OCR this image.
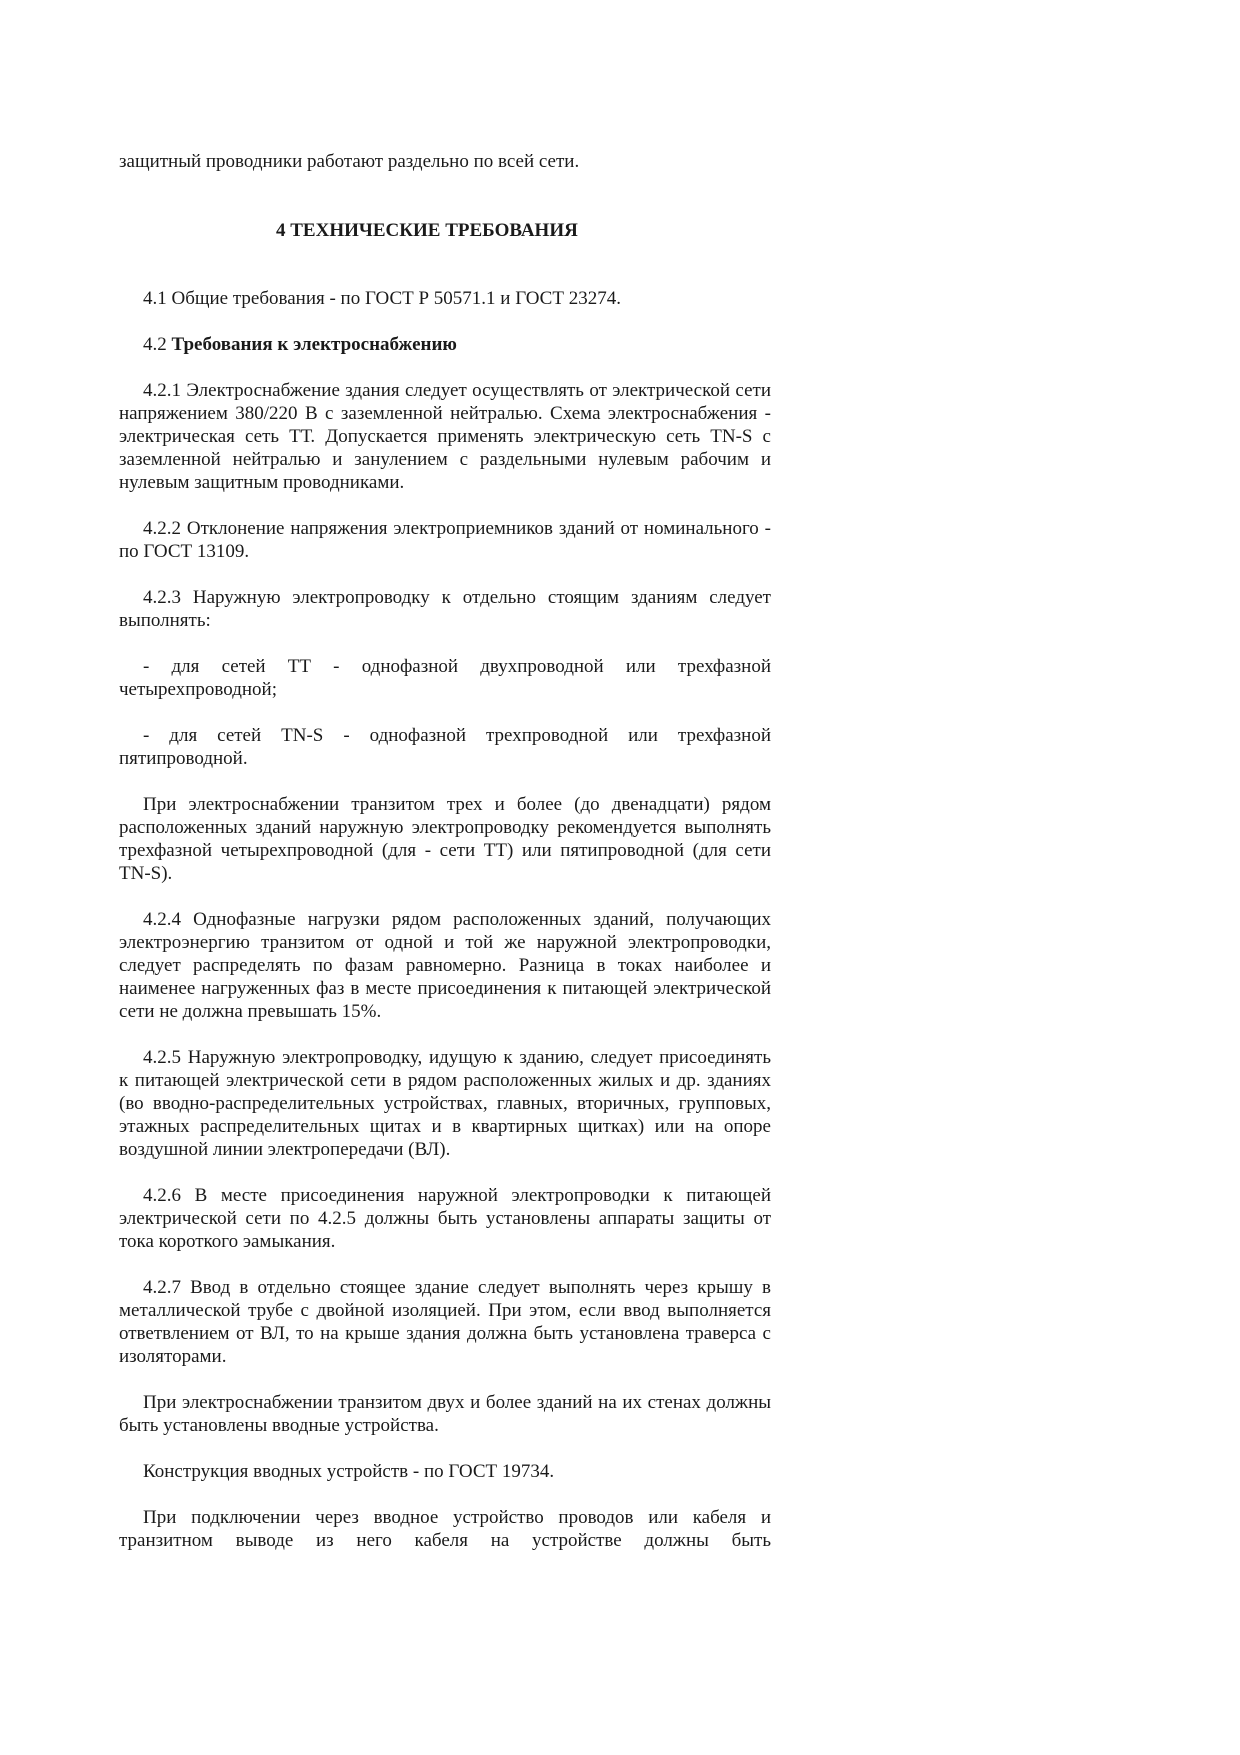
защитный проводники работают раздельно по всей сети.

4 ТЕХНИЧЕСКИЕ ТРЕБОВАНИЯ

4.1 Общие требования - по ГОСТ Р 50571.1 и ГОСТ 23274.

4.2 Требования к электроснабжению

4.2.1 Электроснабжение здания следует осуществлять от электрической сети напряжением 380/220 В с заземленной нейтралью. Схема электроснабжения - электрическая сеть ТТ. Допускается применять электрическую сеть TN-S с заземленной нейтралью и занулением с раздельными нулевым рабочим и нулевым защитным проводниками.

4.2.2 Отклонение напряжения электроприемников зданий от номинального - по ГОСТ 13109.

4.2.3 Наружную электропроводку к отдельно стоящим зданиям следует выполнять:

- для сетей ТТ - однофазной двухпроводной или трехфазной четырехпроводной;

- для сетей TN-S - однофазной трехпроводной или трехфазной пятипроводной.

При электроснабжении транзитом трех и более (до двенадцати) рядом расположенных зданий наружную электропроводку рекомендуется выполнять трехфазной четырехпроводной (для - сети ТТ) или пятипроводной (для сети TN-S).

4.2.4 Однофазные нагрузки рядом расположенных зданий, получающих электроэнергию транзитом от одной и той же наружной электропроводки, следует распределять по фазам равномерно. Разница в токах наиболее и наименее нагруженных фаз в месте присоединения к питающей электрической сети не должна превышать 15%.

4.2.5 Наружную электропроводку, идущую к зданию, следует присоединять к питающей электрической сети в рядом расположенных жилых и др. зданиях (во вводно-распределительных устройствах, главных, вторичных, групповых, этажных распределительных щитах и в квартирных щитках) или на опоре воздушной линии электропередачи (ВЛ).

4.2.6 В месте присоединения наружной электропроводки к питающей электрической сети по 4.2.5 должны быть установлены аппараты защиты от тока короткого эамыкания.

4.2.7 Ввод в отдельно стоящее здание следует выполнять через крышу в металлической трубе с двойной изоляцией. При этом, если ввод выполняется ответвлением от ВЛ, то на крыше здания должна быть установлена траверса с изоляторами.

При электроснабжении транзитом двух и более зданий на их стенах должны быть установлены вводные устройства.

Конструкция вводных устройств - по ГОСТ 19734.

При подключении через вводное устройство проводов или кабеля и транзитном выводе из него кабеля на устройстве должны быть
